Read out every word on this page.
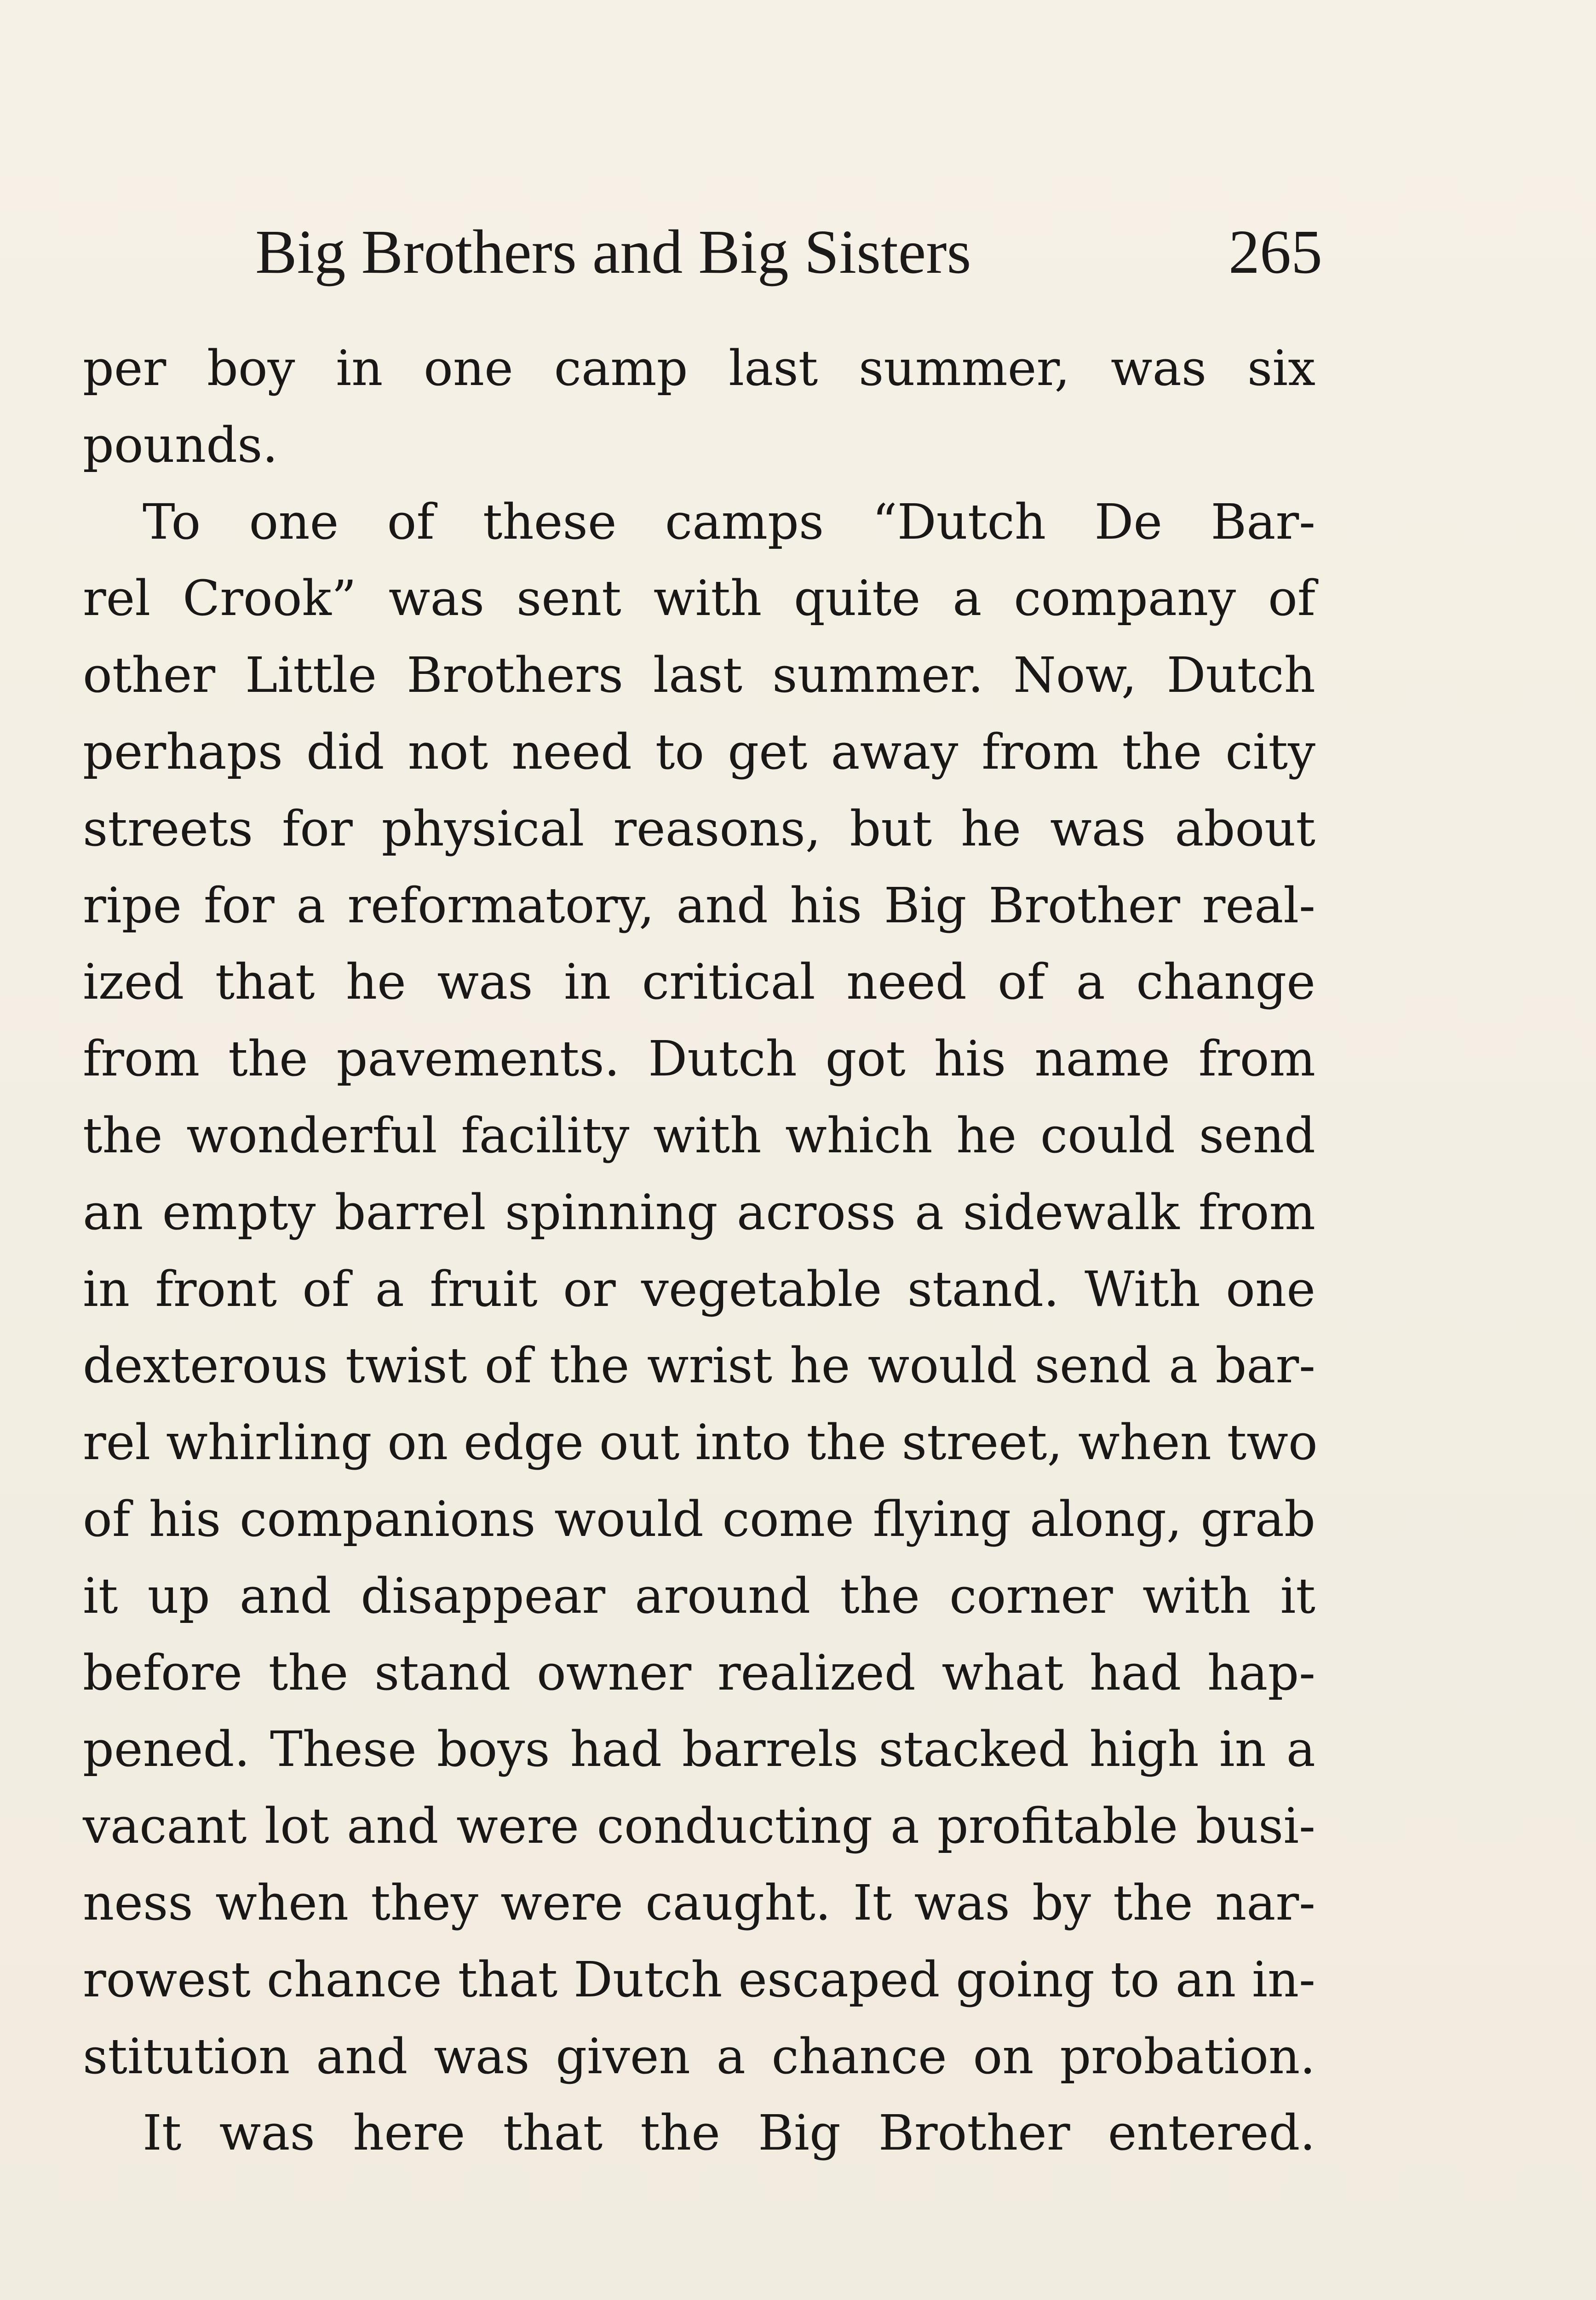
Big Brothers and Big Sisters	265
per boy in one camp last summer, was six
pounds.
To one of these camps “Dutch De Bar-
rel Crook” was sent with quite a company of
other Little Brothers last summer. Now, Dutch
perhaps did not need to get away from the city
streets for physical reasons, but he was about
ripe for a reformatory, and his Big Brother real-
ized that he was in critical need of a change
from the pavements. Dutch got his name from
the wonderful facility with which he could send
an empty barrel spinning across a sidewalk from
in front of a fruit or vegetable stand. With one
dexterous twist of the wrist he would send a bar-
rel whirling on edge out into the street, when two
of his companions would come flying along, grab
it up and disappear around the corner with it
before the stand owner realized what had hap-
pened. These boys had barrels stacked high in a
vacant lot and were conducting a profitable busi-
ness when they were caught. It was by the nar-
rowest chance that Dutch escaped going to an in-
stitution and was given a chance on probation.
It was here that the Big Brother entered.
